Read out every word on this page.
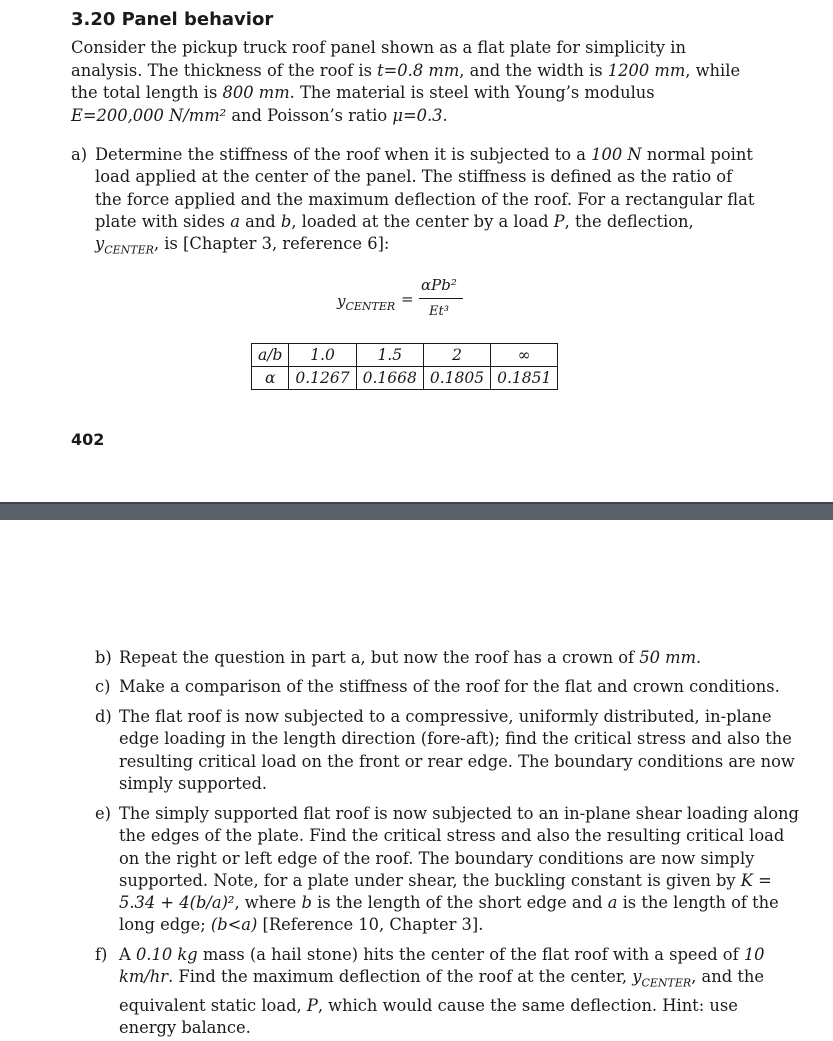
3.20 Panel behavior

Consider the pickup truck roof panel shown as a flat plate for simplicity in analysis. The thickness of the roof is t=0.8 mm, and the width is 1200 mm, while the total length is 800 mm. The material is steel with Young’s modulus E=200,000 N/mm² and Poisson’s ratio μ=0.3.

a) Determine the stiffness of the roof when it is subjected to a 100 N normal point load applied at the center of the panel. The stiffness is defined as the ratio of the force applied and the maximum deflection of the roof. For a rectangular flat plate with sides a and b, loaded at the center by a load P, the deflection, $y_{CENTER}$, is [Chapter 3, reference 6]:

$y_{CENTER}$ =
αPb²
Et³
a/b	1.0	1.5	2	∞
α	0.1267	0.1668	0.1805	0.1851

402

b) Repeat the question in part a, but now the roof has a crown of 50 mm.

c) Make a comparison of the stiffness of the roof for the flat and crown conditions.

d) The flat roof is now subjected to a compressive, uniformly distributed, in-plane edge loading in the length direction (fore-aft); find the critical stress and also the resulting critical load on the front or rear edge. The boundary conditions are now simply supported.

e) The simply supported flat roof is now subjected to an in-plane shear loading along the edges of the plate. Find the critical stress and also the resulting critical load on the right or left edge of the roof. The boundary conditions are now simply supported. Note, for a plate under shear, the buckling constant is given by K = 5.34 + 4(b/a)², where b is the length of the short edge and a is the length of the long edge; (b<a) [Reference 10, Chapter 3].

f) A 0.10 kg mass (a hail stone) hits the center of the flat roof with a speed of 10 km/hr. Find the maximum deflection of the roof at the center, $y_{CENTER}$, and the equivalent static load, P, which would cause the same deflection. Hint: use energy balance.
